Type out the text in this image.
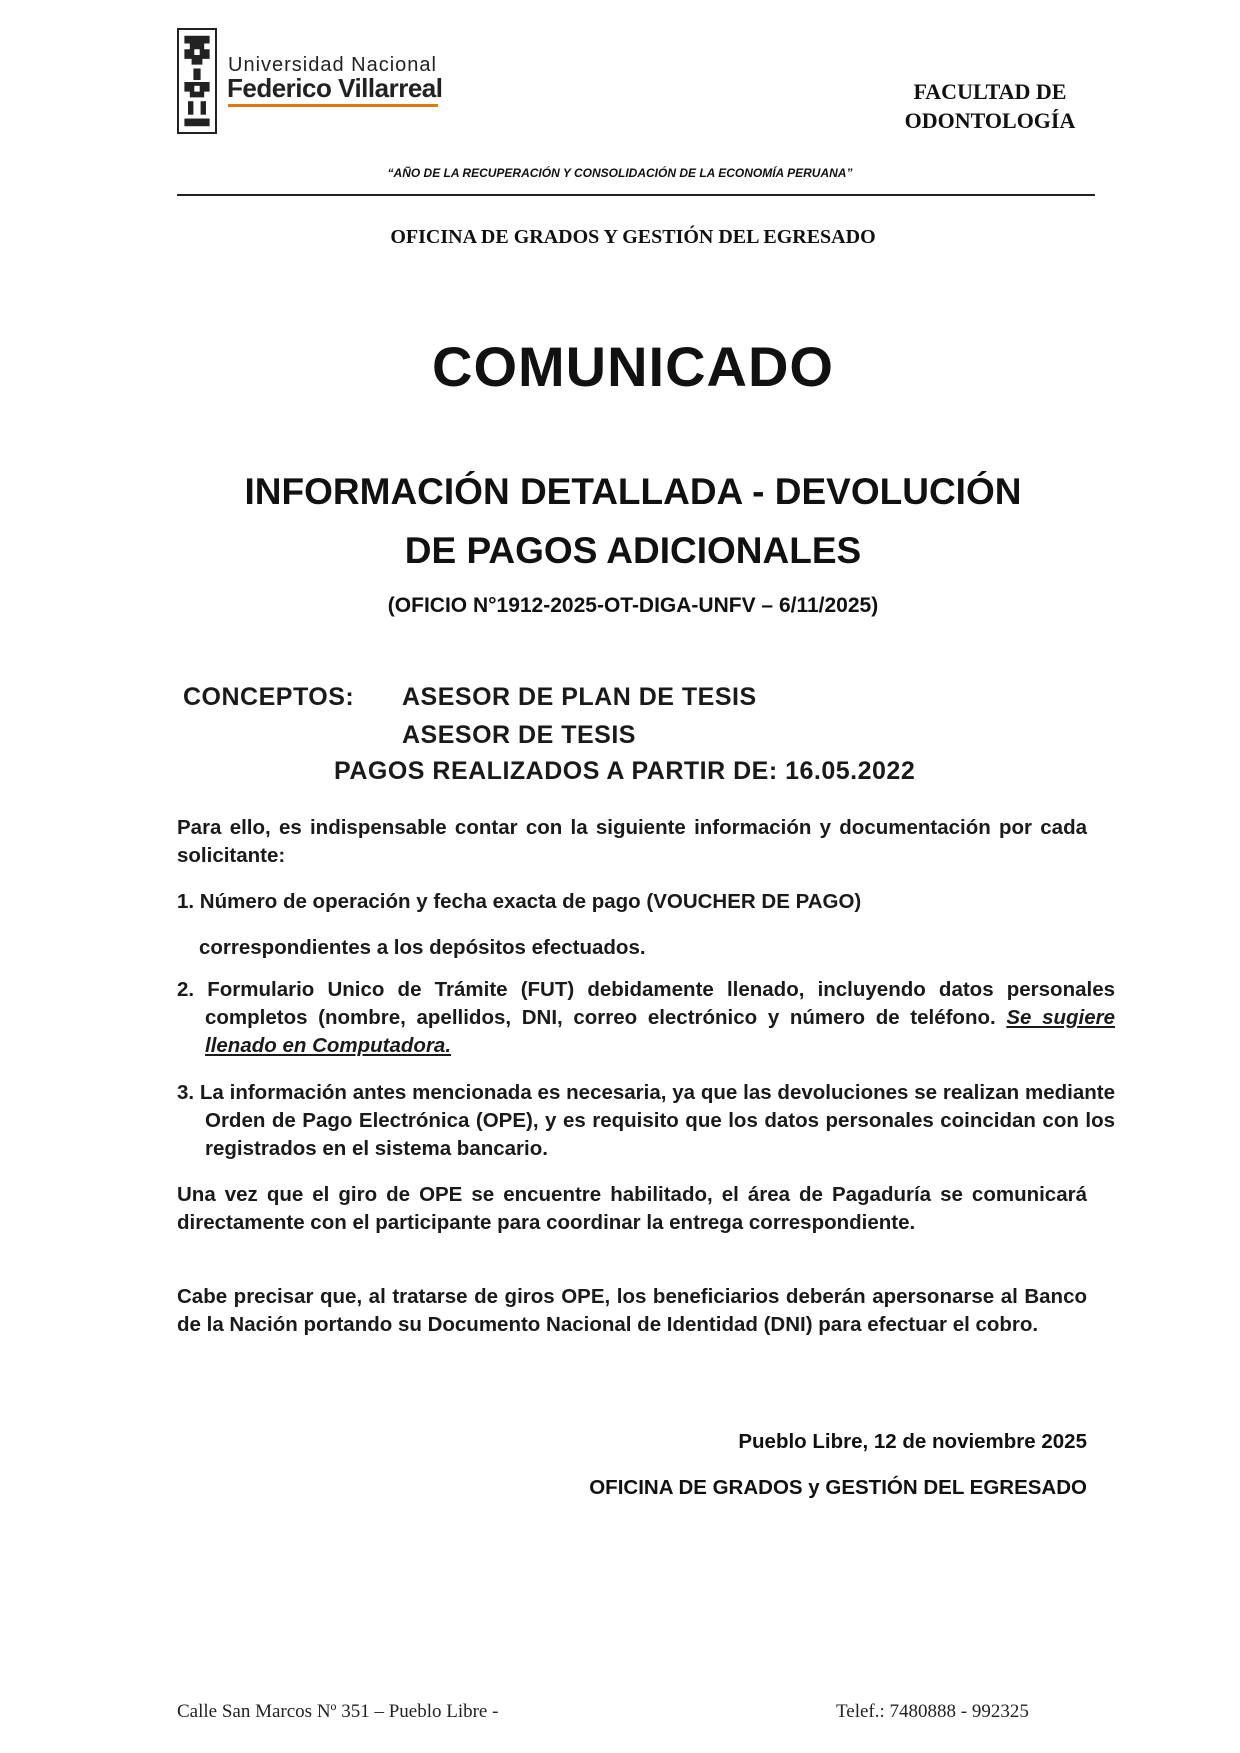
Universidad Nacional
Federico Villarreal	FACULTAD DE
ODONTOLOGÍA
“AÑO DE LA RECUPERACIÓN Y CONSOLIDACIÓN DE LA ECONOMÍA PERUANA”
OFICINA DE GRADOS Y GESTIÓN DEL EGRESADO
COMUNICADO
INFORMACIÓN DETALLADA - DEVOLUCIÓN
DE PAGOS ADICIONALES
(OFICIO N°1912-2025-OT-DIGA-UNFV – 6/11/2025)
CONCEPTOS: ASESOR DE PLAN DE TESIS
ASESOR DE TESIS
PAGOS REALIZADOS A PARTIR DE: 16.05.2022
Para ello, es indispensable contar con la siguiente información y documentación por cada solicitante:
1. Número de operación y fecha exacta de pago (VOUCHER DE PAGO)
correspondientes a los depósitos efectuados.
2. Formulario Unico de Trámite (FUT) debidamente llenado, incluyendo datos personales completos (nombre, apellidos, DNI, correo electrónico y número de teléfono. Se sugiere llenado en Computadora.
3. La información antes mencionada es necesaria, ya que las devoluciones se realizan mediante Orden de Pago Electrónica (OPE), y es requisito que los datos personales coincidan con los registrados en el sistema bancario.
Una vez que el giro de OPE se encuentre habilitado, el área de Pagaduría se comunicará directamente con el participante para coordinar la entrega correspondiente.
Cabe precisar que, al tratarse de giros OPE, los beneficiarios deberán apersonarse al Banco de la Nación portando su Documento Nacional de Identidad (DNI) para efectuar el cobro.
Pueblo Libre, 12 de noviembre 2025
OFICINA DE GRADOS y GESTIÓN DEL EGRESADO
Calle San Marcos Nº 351 – Pueblo Libre -	Telef.: 7480888 - 992325
